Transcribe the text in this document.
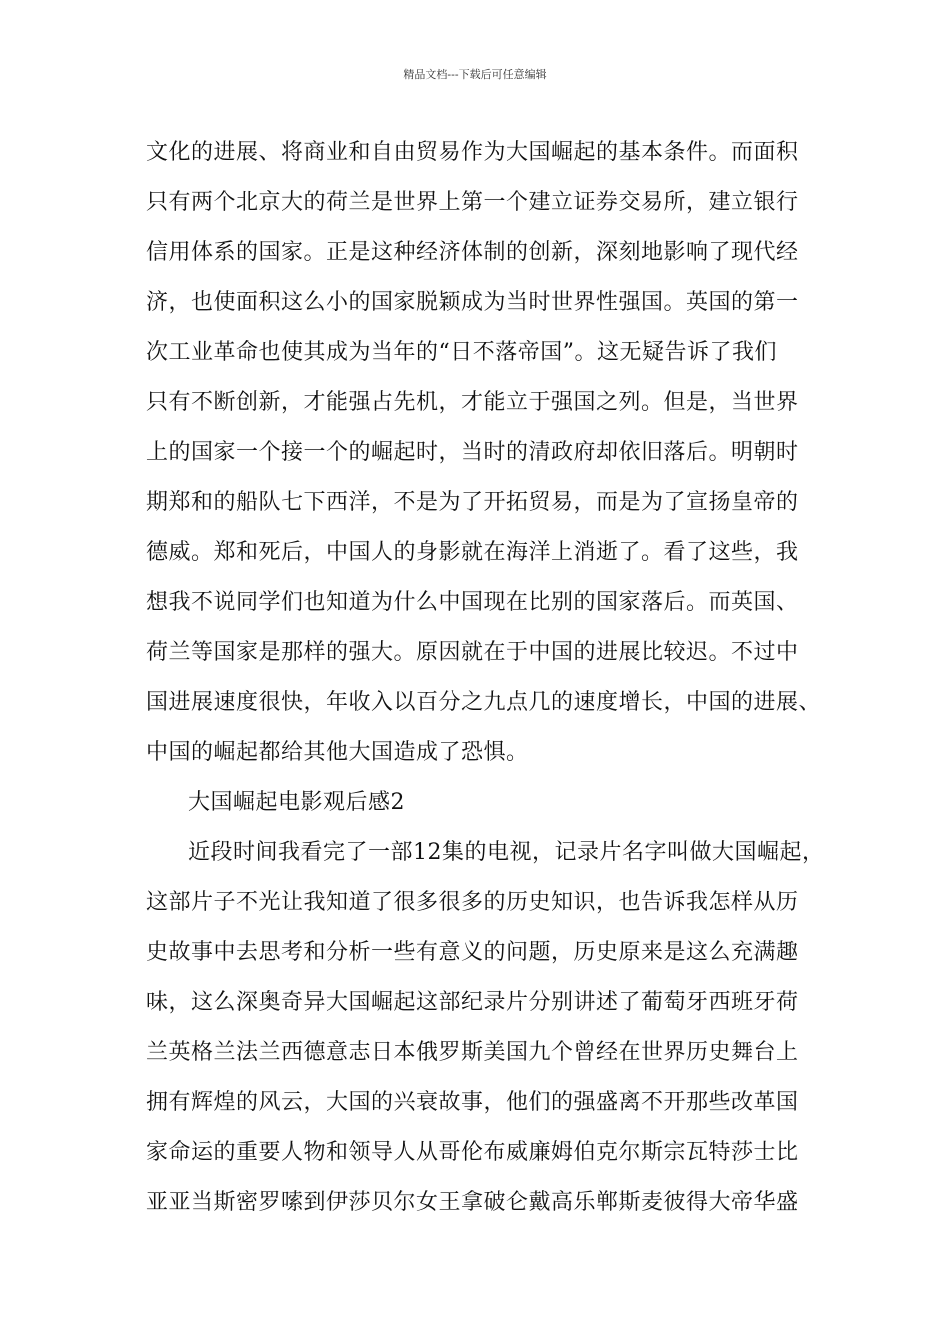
精品文档---下载后可任意编辑
文化的进展、将商业和自由贸易作为大国崛起的基本条件。而面积
只有两个北京大的荷兰是世界上第一个建立证券交易所，建立银行
信用体系的国家。正是这种经济体制的创新，深刻地影响了现代经
济，也使面积这么小的国家脱颖成为当时世界性强国。英国的第一
次工业革命也使其成为当年的“日不落帝国”。这无疑告诉了我们
只有不断创新，才能强占先机，才能立于强国之列。但是，当世界
上的国家一个接一个的崛起时，当时的清政府却依旧落后。明朝时
期郑和的船队七下西洋，不是为了开拓贸易，而是为了宣扬皇帝的
德威。郑和死后，中国人的身影就在海洋上消逝了。看了这些，我
想我不说同学们也知道为什么中国现在比别的国家落后。而英国、
荷兰等国家是那样的强大。原因就在于中国的进展比较迟。不过中
国进展速度很快，年收入以百分之九点几的速度增长，中国的进展、
中国的崛起都给其他大国造成了恐惧。
大国崛起电影观后感2
近段时间我看完了一部12集的电视，记录片名字叫做大国崛起，
这部片子不光让我知道了很多很多的历史知识，也告诉我怎样从历
史故事中去思考和分析一些有意义的问题，历史原来是这么充满趣
味，这么深奥奇异大国崛起这部纪录片分别讲述了葡萄牙西班牙荷
兰英格兰法兰西德意志日本俄罗斯美国九个曾经在世界历史舞台上
拥有辉煌的风云，大国的兴衰故事，他们的强盛离不开那些改革国
家命运的重要人物和领导人从哥伦布威廉姆伯克尔斯宗瓦特莎士比
亚亚当斯密罗嗦到伊莎贝尔女王拿破仑戴高乐郸斯麦彼得大帝华盛
